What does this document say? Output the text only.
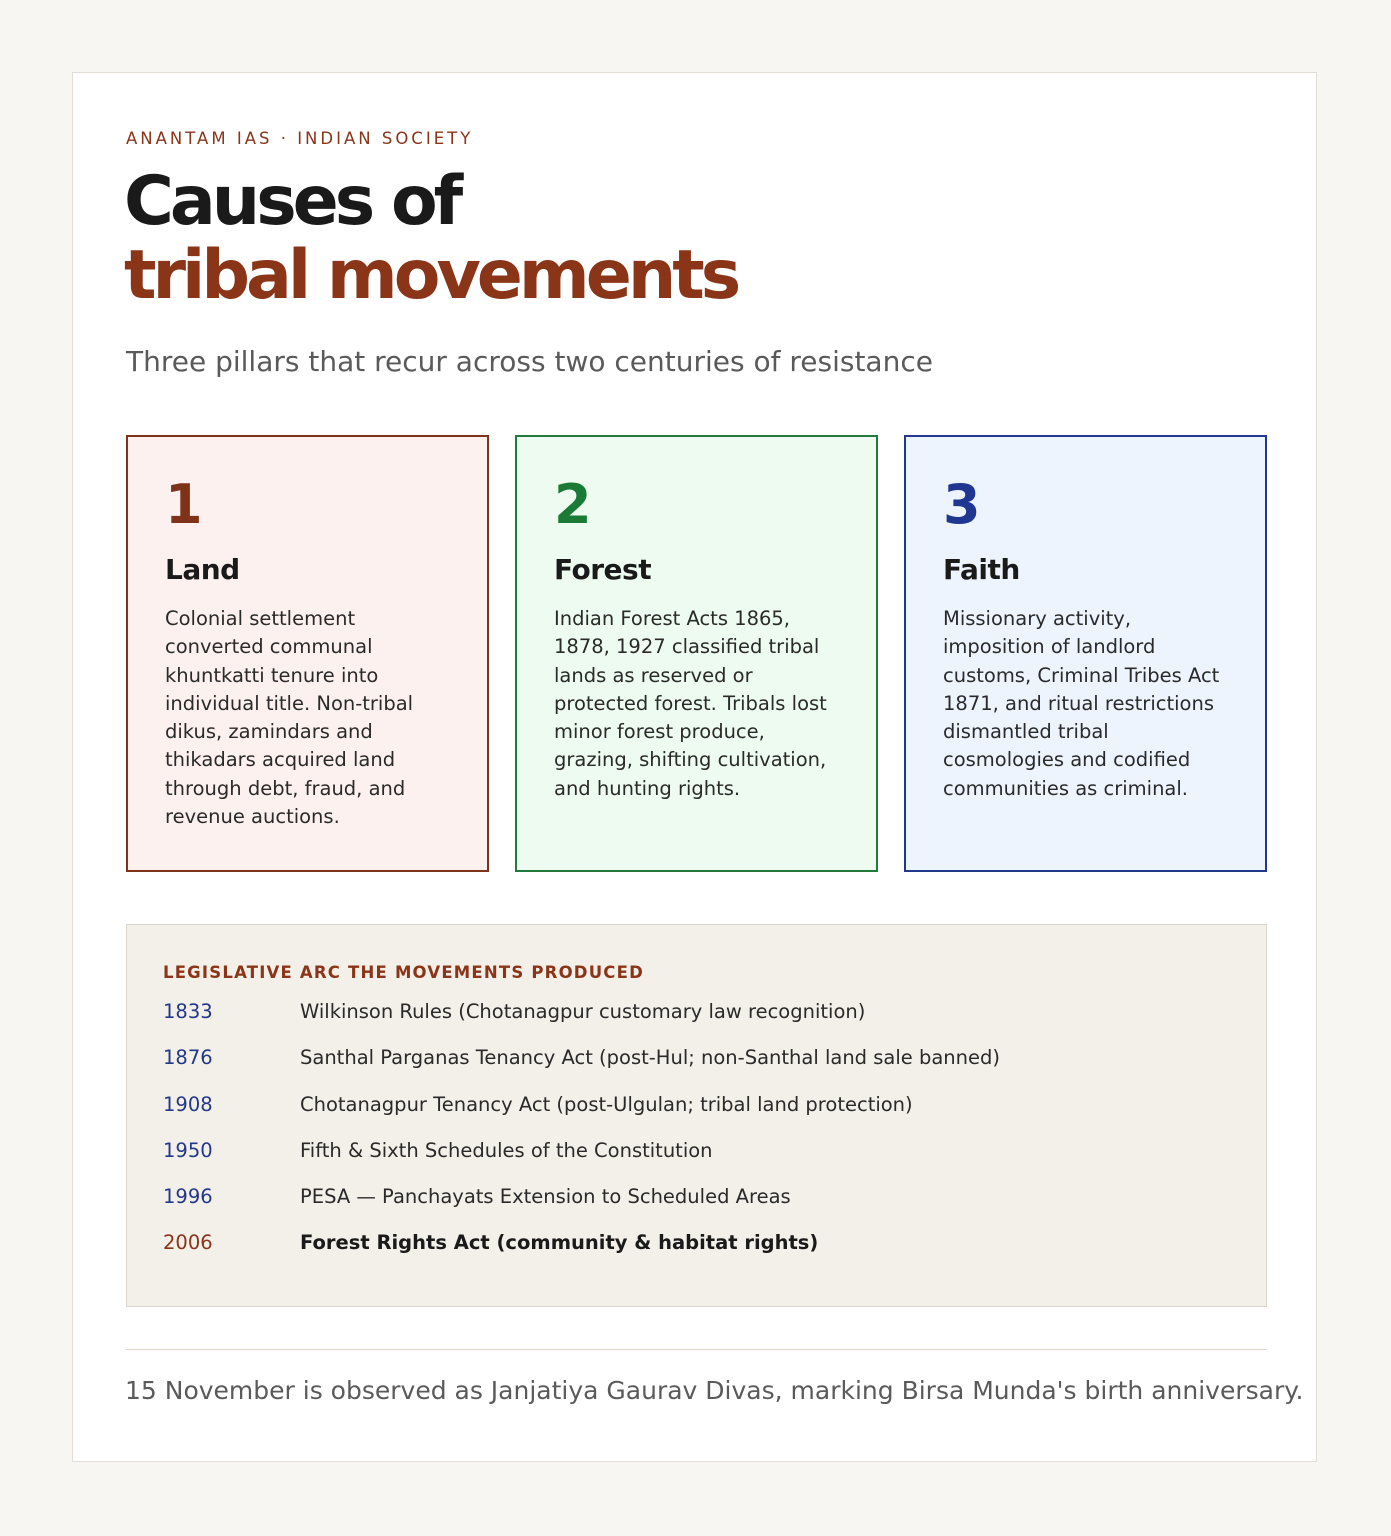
ANANTAM IAS · INDIAN SOCIETY
Causes of
tribal movements
Three pillars that recur across two centuries of resistance
1
Land
Colonial settlement converted communal khuntkatti tenure into individual title. Non-tribal dikus, zamindars and thikadars acquired land through debt, fraud, and revenue auctions.
2
Forest
Indian Forest Acts 1865, 1878, 1927 classified tribal lands as reserved or protected forest. Tribals lost minor forest produce, grazing, shifting cultivation, and hunting rights.
3
Faith
Missionary activity, imposition of landlord customs, Criminal Tribes Act 1871, and ritual restrictions dismantled tribal cosmologies and codified communities as criminal.
LEGISLATIVE ARC THE MOVEMENTS PRODUCED
1833	Wilkinson Rules (Chotanagpur customary law recognition)
1876	Santhal Parganas Tenancy Act (post-Hul; non-Santhal land sale banned)
1908	Chotanagpur Tenancy Act (post-Ulgulan; tribal land protection)
1950	Fifth & Sixth Schedules of the Constitution
1996	PESA — Panchayats Extension to Scheduled Areas
2006	Forest Rights Act (community & habitat rights)
15 November is observed as Janjatiya Gaurav Divas, marking Birsa Munda's birth anniversary.
